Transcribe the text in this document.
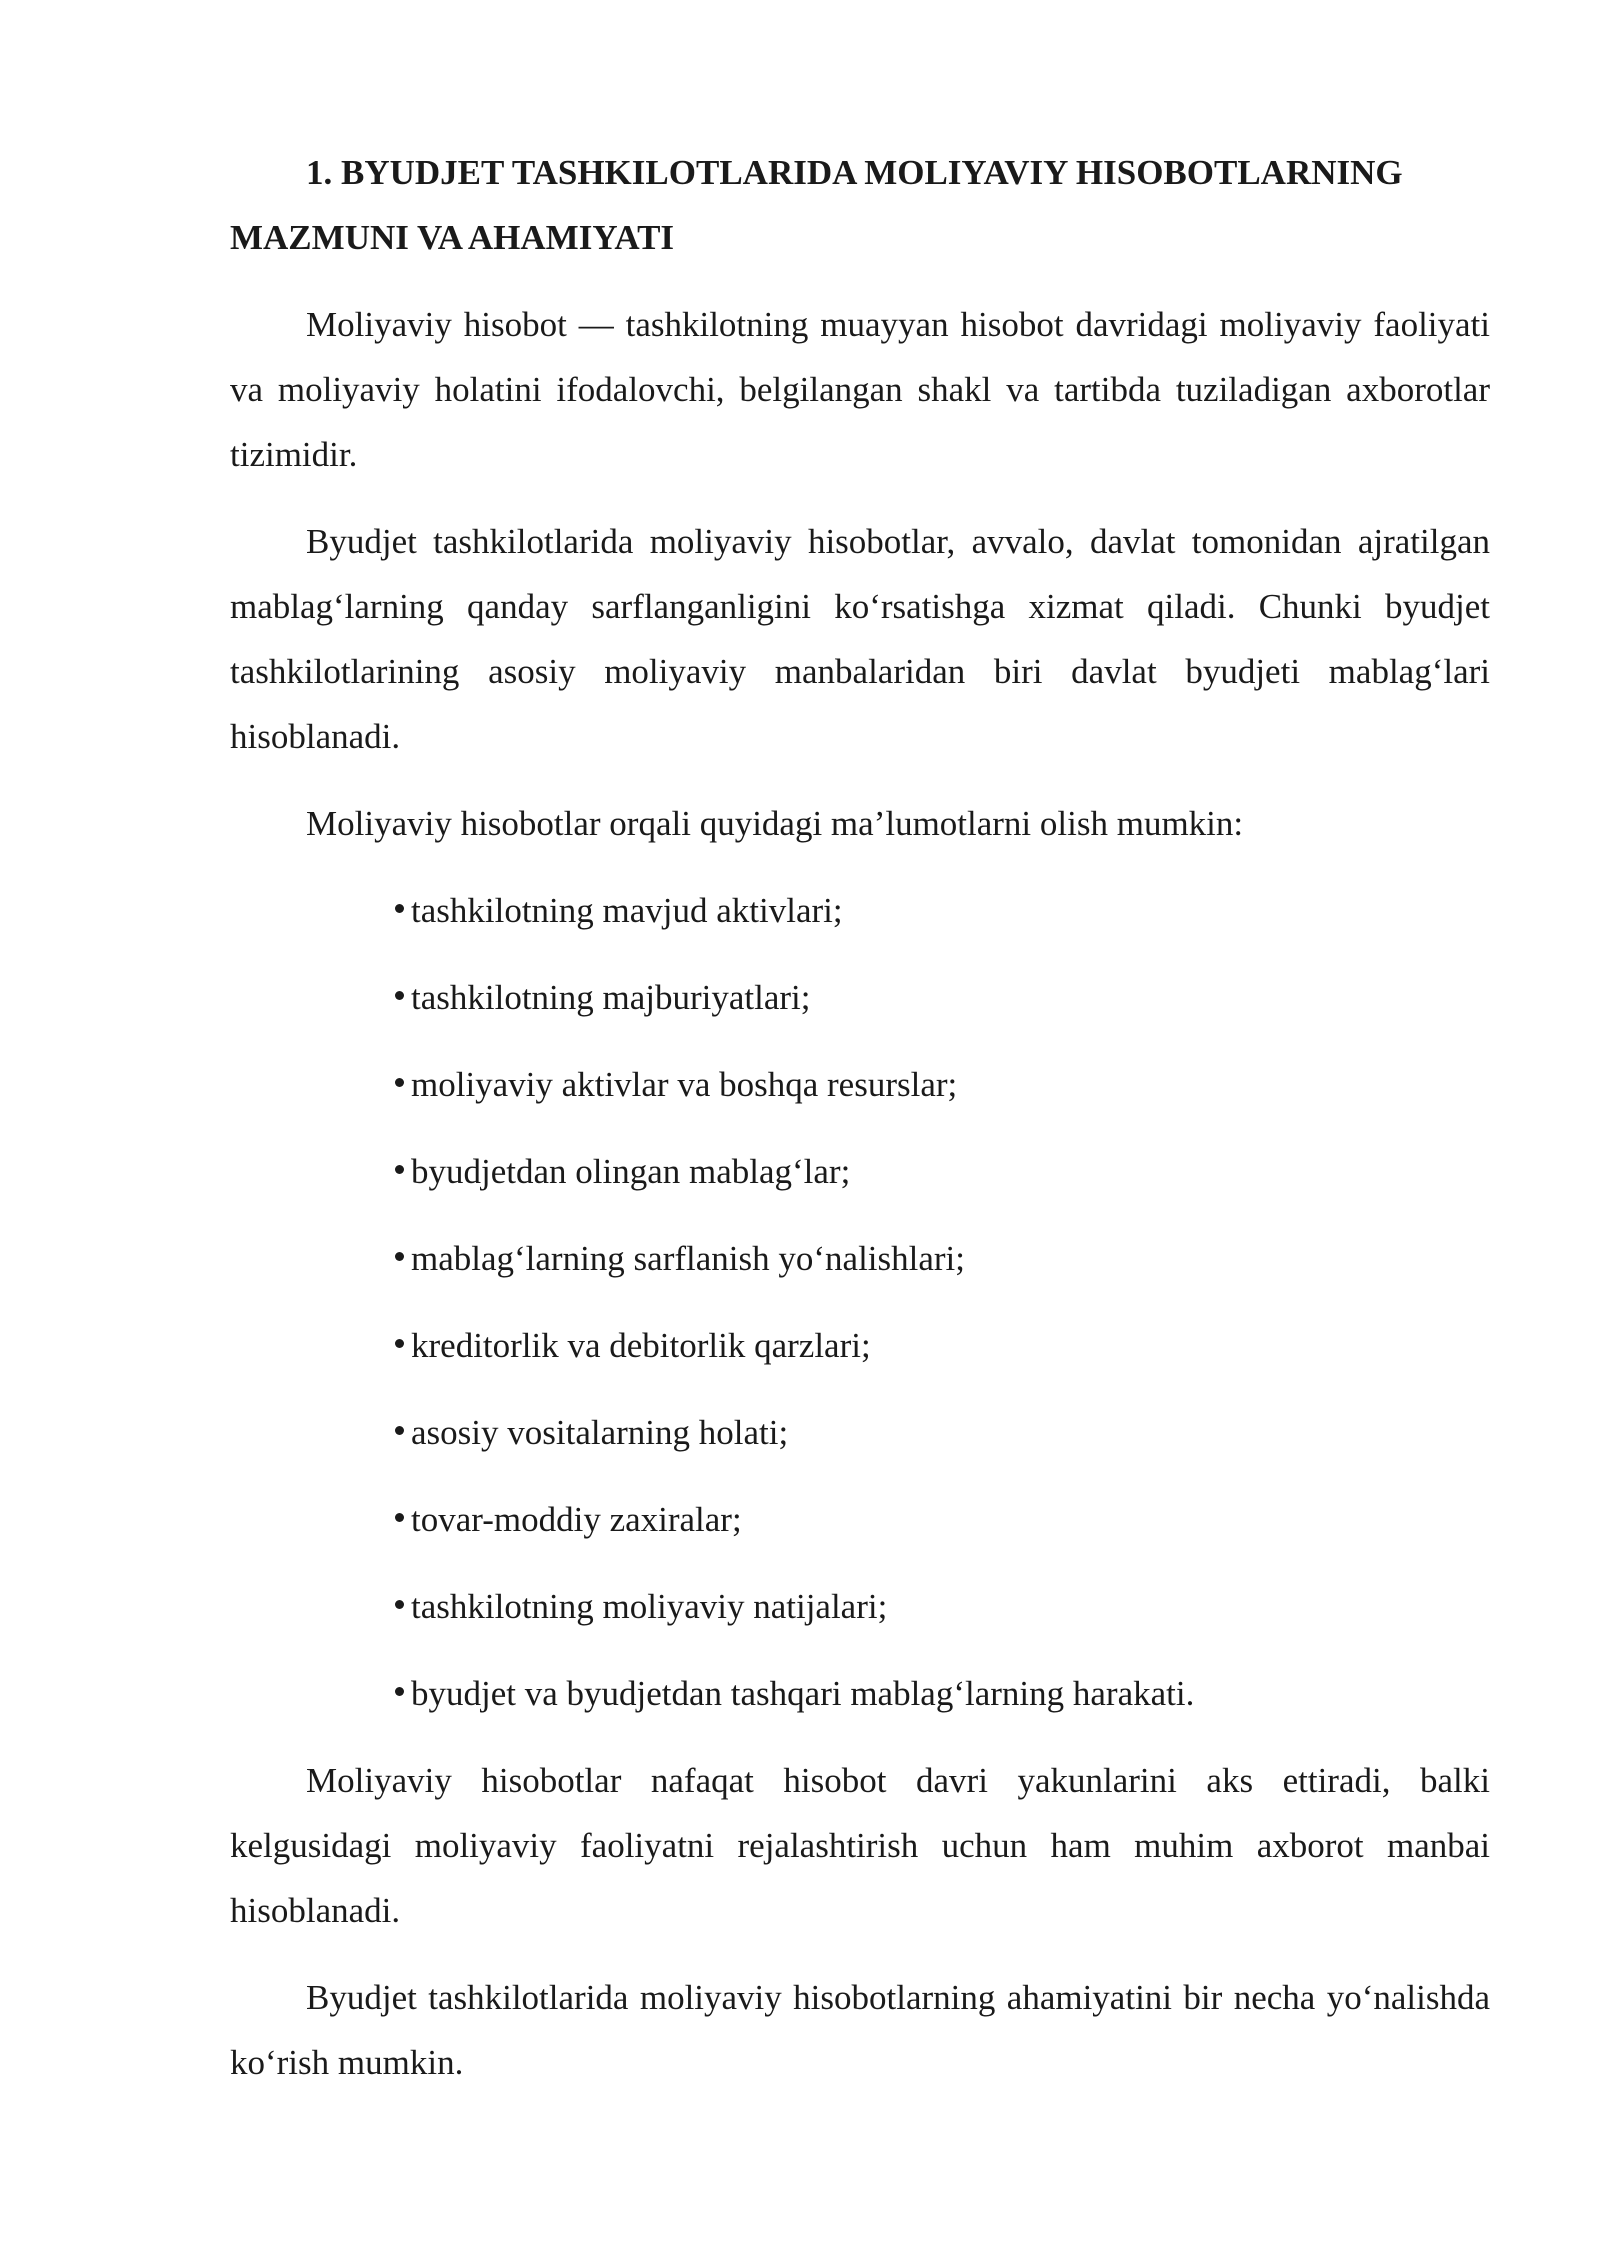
1. BYUDJET TASHKILOTLARIDA MOLIYAVIY HISOBOTLARNING MAZMUNI VA AHAMIYATI

Moliyaviy hisobot — tashkilotning muayyan hisobot davridagi moliyaviy faoliyati va moliyaviy holatini ifodalovchi, belgilangan shakl va tartibda tuziladigan axborotlar tizimidir.

Byudjet tashkilotlarida moliyaviy hisobotlar, avvalo, davlat tomonidan ajratilgan mablag‘larning qanday sarflanganligini ko‘rsatishga xizmat qiladi. Chunki byudjet tashkilotlarining asosiy moliyaviy manbalaridan biri davlat byudjeti mablag‘lari hisoblanadi.

Moliyaviy hisobotlar orqali quyidagi ma’lumotlarni olish mumkin:

tashkilotning mavjud aktivlari;
tashkilotning majburiyatlari;
moliyaviy aktivlar va boshqa resurslar;
byudjetdan olingan mablag‘lar;
mablag‘larning sarflanish yo‘nalishlari;
kreditorlik va debitorlik qarzlari;
asosiy vositalarning holati;
tovar-moddiy zaxiralar;
tashkilotning moliyaviy natijalari;
byudjet va byudjetdan tashqari mablag‘larning harakati.

Moliyaviy hisobotlar nafaqat hisobot davri yakunlarini aks ettiradi, balki kelgusidagi moliyaviy faoliyatni rejalashtirish uchun ham muhim axborot manbai hisoblanadi.

Byudjet tashkilotlarida moliyaviy hisobotlarning ahamiyatini bir necha yo‘nalishda ko‘rish mumkin.
